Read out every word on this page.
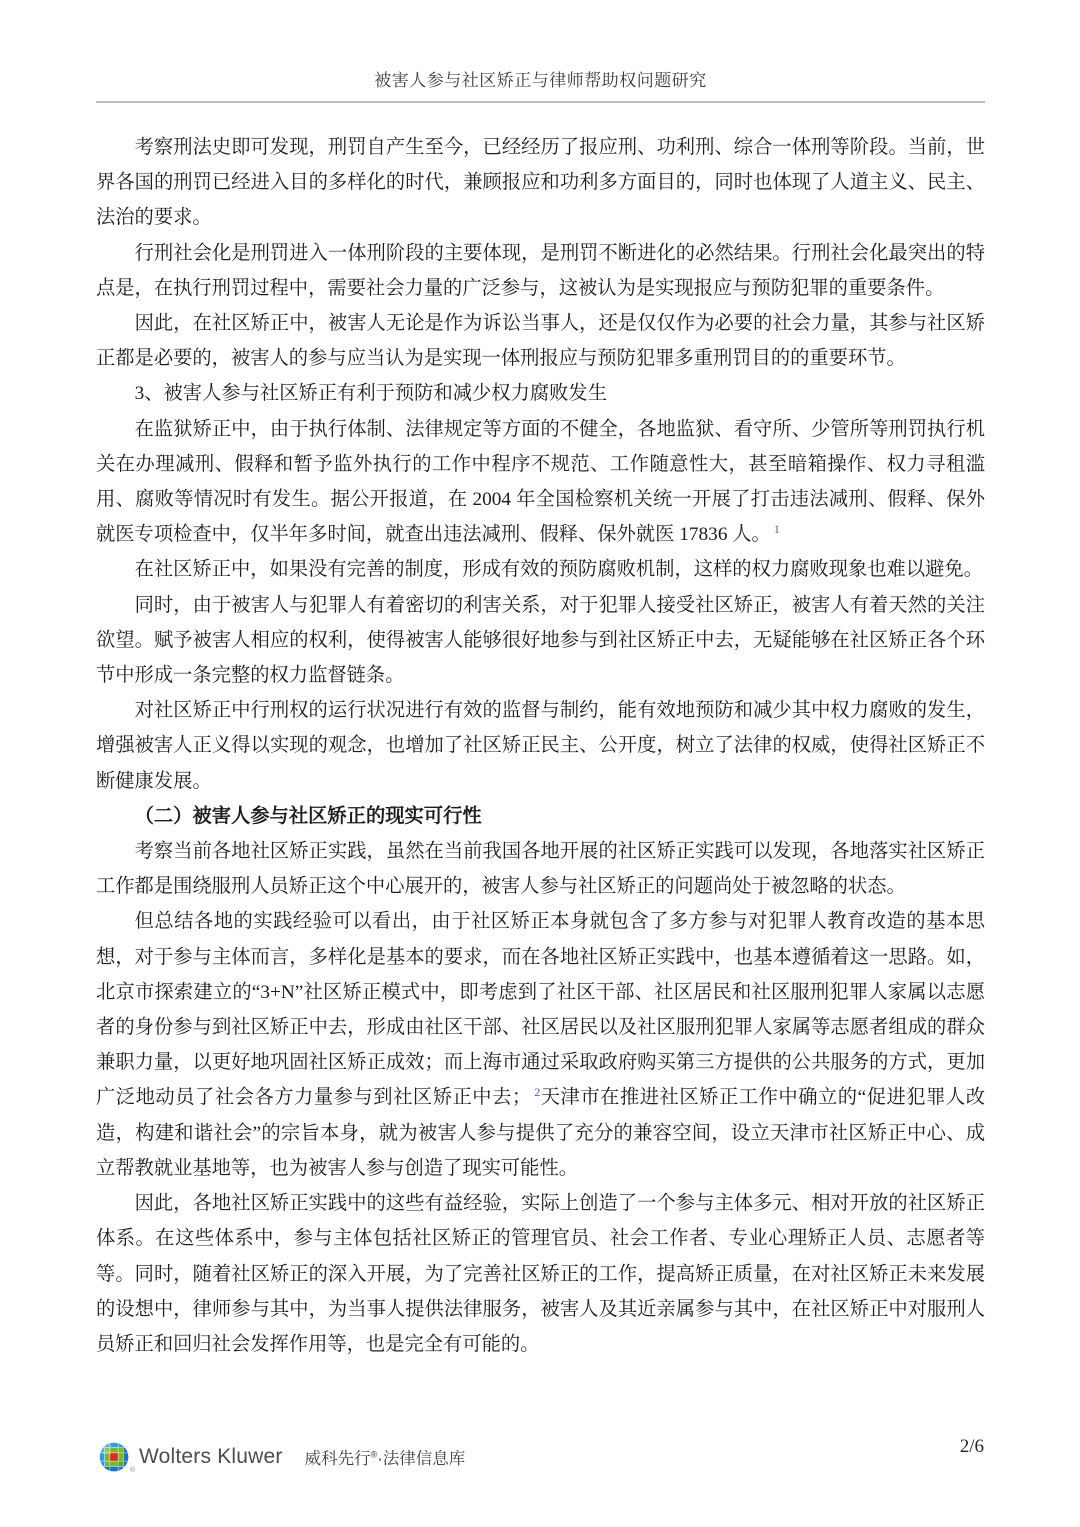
被害人参与社区矫正与律师帮助权问题研究

考察刑法史即可发现，刑罚自产生至今，已经经历了报应刑、功利刑、综合一体刑等阶段。当前，世界各国的刑罚已经进入目的多样化的时代，兼顾报应和功利多方面目的，同时也体现了人道主义、民主、法治的要求。

行刑社会化是刑罚进入一体刑阶段的主要体现，是刑罚不断进化的必然结果。行刑社会化最突出的特点是，在执行刑罚过程中，需要社会力量的广泛参与，这被认为是实现报应与预防犯罪的重要条件。

因此，在社区矫正中，被害人无论是作为诉讼当事人，还是仅仅作为必要的社会力量，其参与社区矫正都是必要的，被害人的参与应当认为是实现一体刑报应与预防犯罪多重刑罚目的的重要环节。

3、被害人参与社区矫正有利于预防和减少权力腐败发生

在监狱矫正中，由于执行体制、法律规定等方面的不健全，各地监狱、看守所、少管所等刑罚执行机关在办理减刑、假释和暂予监外执行的工作中程序不规范、工作随意性大，甚至暗箱操作、权力寻租滥用、腐败等情况时有发生。据公开报道，在 2004 年全国检察机关统一开展了打击违法减刑、假释、保外就医专项检查中，仅半年多时间，就查出违法减刑、假释、保外就医 17836 人。 $^1$

在社区矫正中，如果没有完善的制度，形成有效的预防腐败机制，这样的权力腐败现象也难以避免。

同时，由于被害人与犯罪人有着密切的利害关系，对于犯罪人接受社区矫正，被害人有着天然的关注欲望。赋予被害人相应的权利，使得被害人能够很好地参与到社区矫正中去，无疑能够在社区矫正各个环节中形成一条完整的权力监督链条。

对社区矫正中行刑权的运行状况进行有效的监督与制约，能有效地预防和减少其中权力腐败的发生，增强被害人正义得以实现的观念，也增加了社区矫正民主、公开度，树立了法律的权威，使得社区矫正不断健康发展。

（二）被害人参与社区矫正的现实可行性

考察当前各地社区矫正实践，虽然在当前我国各地开展的社区矫正实践可以发现，各地落实社区矫正工作都是围绕服刑人员矫正这个中心展开的，被害人参与社区矫正的问题尚处于被忽略的状态。

但总结各地的实践经验可以看出，由于社区矫正本身就包含了多方参与对犯罪人教育改造的基本思想，对于参与主体而言，多样化是基本的要求，而在各地社区矫正实践中，也基本遵循着这一思路。如，北京市探索建立的“3+N”社区矫正模式中，即考虑到了社区干部、社区居民和社区服刑犯罪人家属以志愿者的身份参与到社区矫正中去，形成由社区干部、社区居民以及社区服刑犯罪人家属等志愿者组成的群众兼职力量，以更好地巩固社区矫正成效；而上海市通过采取政府购买第三方提供的公共服务的方式，更加广泛地动员了社会各方力量参与到社区矫正中去； $^2$天津市在推进社区矫正工作中确立的“促进犯罪人改造，构建和谐社会”的宗旨本身，就为被害人参与提供了充分的兼容空间，设立天津市社区矫正中心、成立帮教就业基地等，也为被害人参与创造了现实可能性。

因此，各地社区矫正实践中的这些有益经验，实际上创造了一个参与主体多元、相对开放的社区矫正体系。在这些体系中，参与主体包括社区矫正的管理官员、社会工作者、专业心理矫正人员、志愿者等等。同时，随着社区矫正的深入开展，为了完善社区矫正的工作，提高矫正质量，在对社区矫正未来发展的设想中，律师参与其中，为当事人提供法律服务，被害人及其近亲属参与其中，在社区矫正中对服刑人员矫正和回归社会发挥作用等，也是完全有可能的。

®
Wolters Kluwer 威科先行®·法律信息库
2/6
